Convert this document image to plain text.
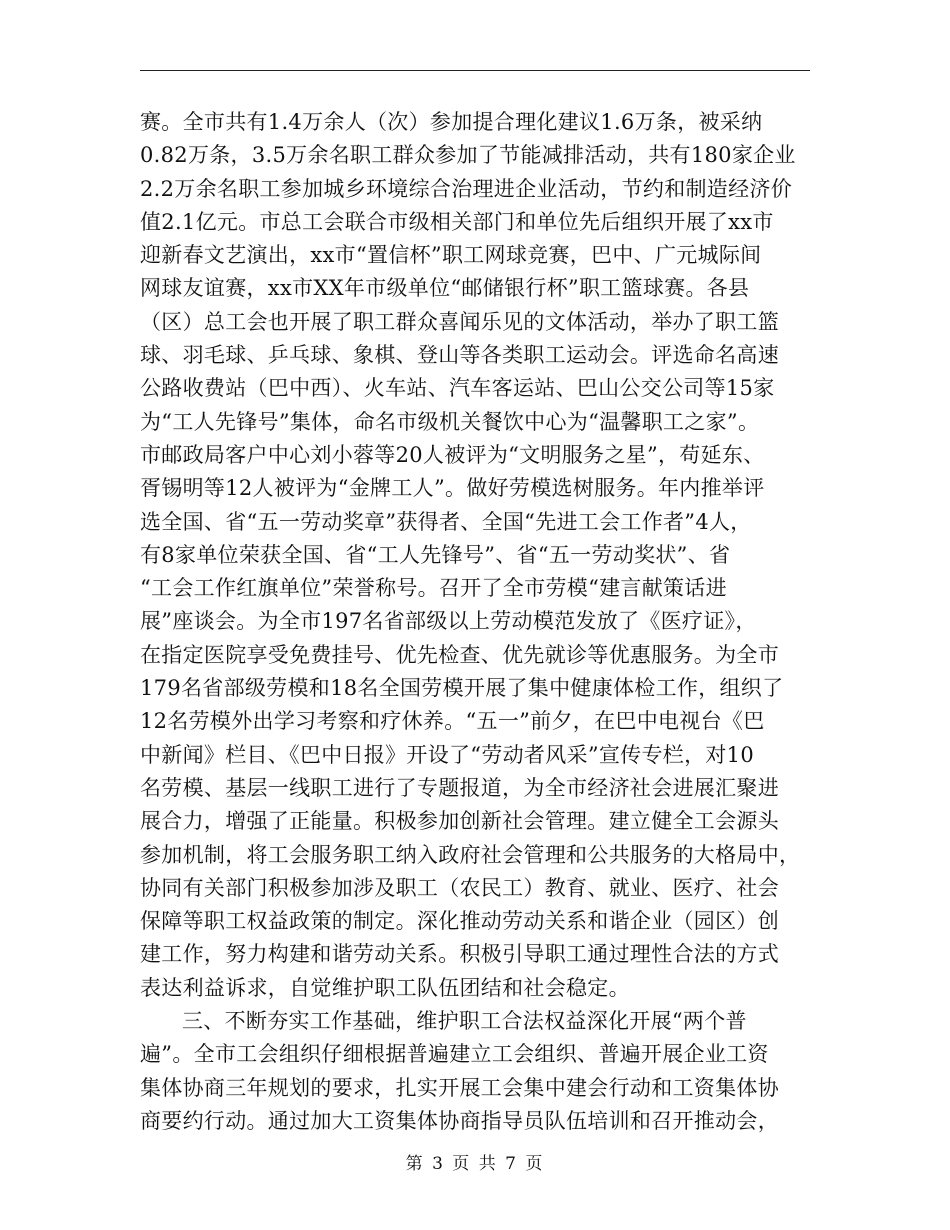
赛。全市共有1.4万余人（次）参加提合理化建议1.6万条，被采纳
0.82万条，3.5万余名职工群众参加了节能减排活动，共有180家企业
2.2万余名职工参加城乡环境综合治理进企业活动，节约和制造经济价
值2.1亿元。市总工会联合市级相关部门和单位先后组织开展了xx市
迎新春文艺演出，xx市“置信杯”职工网球竞赛，巴中、广元城际间
网球友谊赛，xx市XX年市级单位“邮储银行杯”职工篮球赛。各县
（区）总工会也开展了职工群众喜闻乐见的文体活动，举办了职工篮
球、羽毛球、乒乓球、象棋、登山等各类职工运动会。评选命名高速
公路收费站（巴中西）、火车站、汽车客运站、巴山公交公司等15家
为“工人先锋号”集体，命名市级机关餐饮中心为“温馨职工之家”。
市邮政局客户中心刘小蓉等20人被评为“文明服务之星”，苟延东、
胥锡明等12人被评为“金牌工人”。做好劳模选树服务。年内推举评
选全国、省“五一劳动奖章”获得者、全国“先进工会工作者”4人，
有8家单位荣获全国、省“工人先锋号”、省“五一劳动奖状”、省
“工会工作红旗单位”荣誉称号。召开了全市劳模“建言献策话进
展”座谈会。为全市197名省部级以上劳动模范发放了《医疗证》，
在指定医院享受免费挂号、优先检查、优先就诊等优惠服务。为全市
179名省部级劳模和18名全国劳模开展了集中健康体检工作，组织了
12名劳模外出学习考察和疗休养。“五一”前夕，在巴中电视台《巴
中新闻》栏目、《巴中日报》开设了“劳动者风采”宣传专栏，对10
名劳模、基层一线职工进行了专题报道，为全市经济社会进展汇聚进
展合力，增强了正能量。积极参加创新社会管理。建立健全工会源头
参加机制，将工会服务职工纳入政府社会管理和公共服务的大格局中，
协同有关部门积极参加涉及职工（农民工）教育、就业、医疗、社会
保障等职工权益政策的制定。深化推动劳动关系和谐企业（园区）创
建工作，努力构建和谐劳动关系。积极引导职工通过理性合法的方式
表达利益诉求，自觉维护职工队伍团结和社会稳定。
三、不断夯实工作基础，维护职工合法权益深化开展“两个普
遍”。全市工会组织仔细根据普遍建立工会组织、普遍开展企业工资
集体协商三年规划的要求，扎实开展工会集中建会行动和工资集体协
商要约行动。通过加大工资集体协商指导员队伍培训和召开推动会，
第 3 页 共 7 页
